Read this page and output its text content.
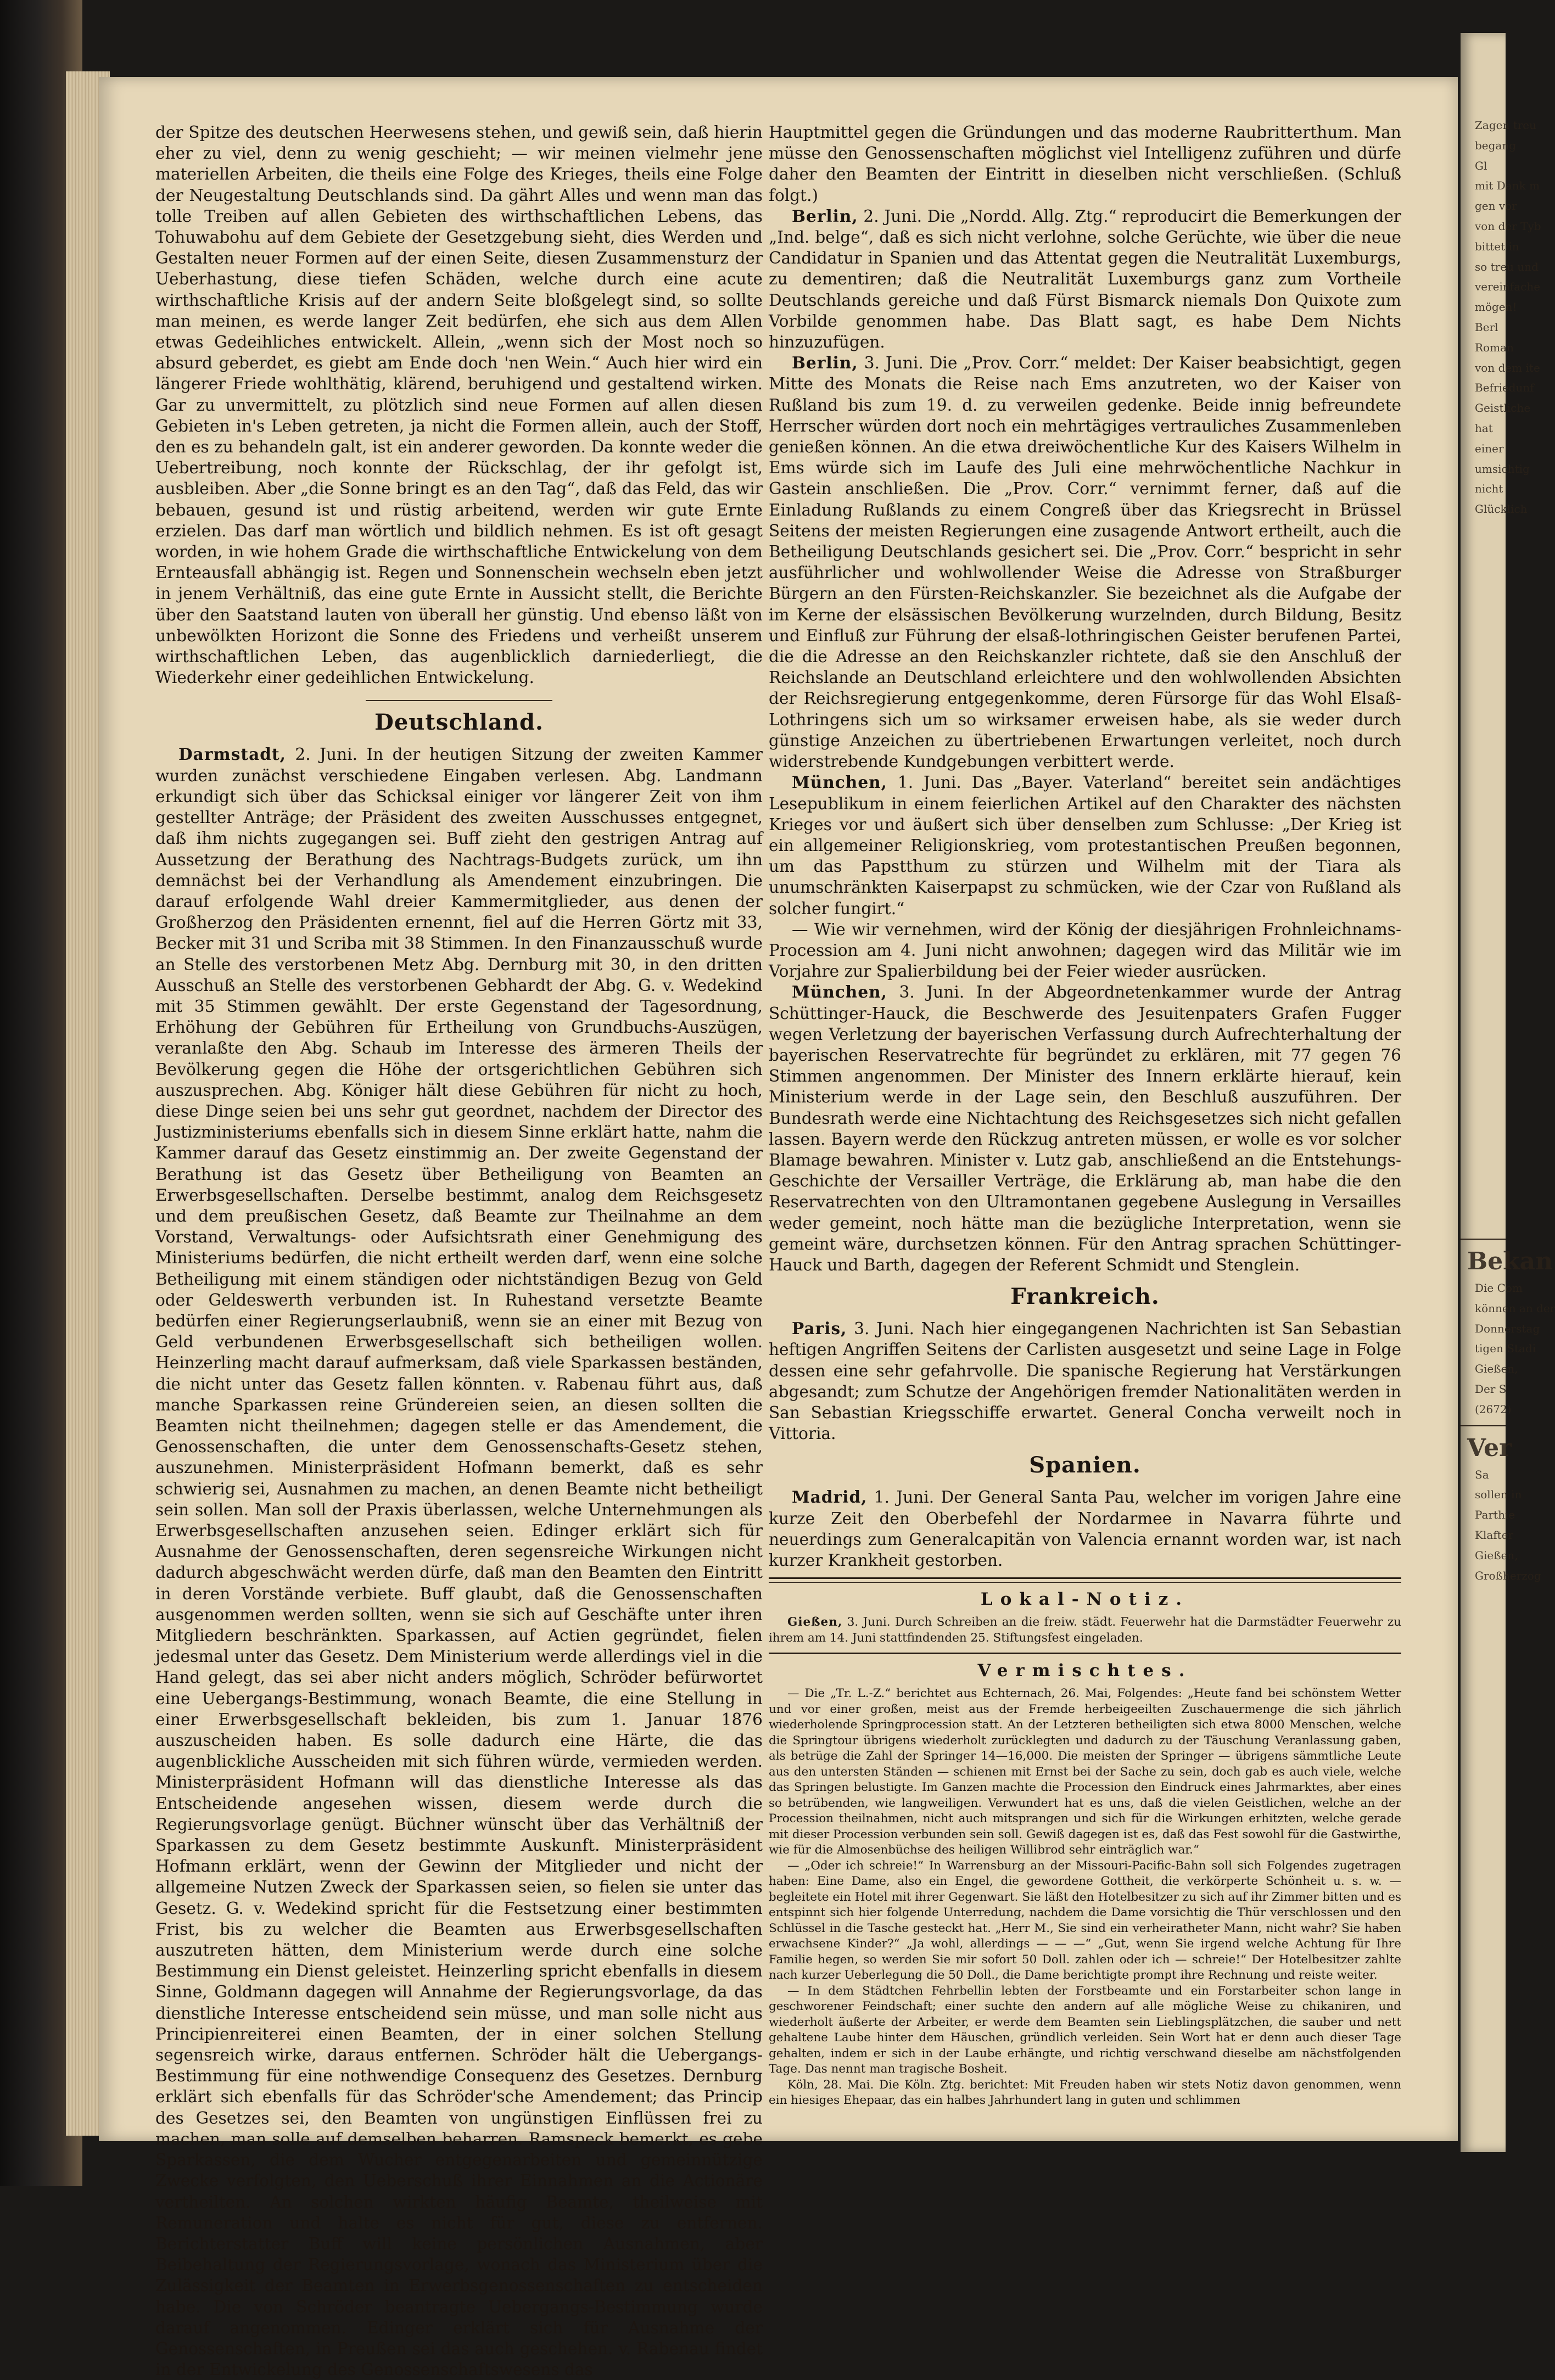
der Spitze des deutschen Heerwesens stehen, und gewiß sein, daß hierin eher zu viel, denn zu wenig geschieht; — wir meinen vielmehr jene materiellen Arbeiten, die theils eine Folge des Krieges, theils eine Folge der Neugestaltung Deutschlands sind. Da gährt Alles und wenn man das tolle Treiben auf allen Gebieten des wirthschaftlichen Lebens, das Tohuwabohu auf dem Gebiete der Gesetzgebung sieht, dies Werden und Gestalten neuer Formen auf der einen Seite, diesen Zusammensturz der Ueberhastung, diese tiefen Schäden, welche durch eine acute wirthschaftliche Krisis auf der andern Seite bloßgelegt sind, so sollte man meinen, es werde langer Zeit bedürfen, ehe sich aus dem Allen etwas Gedeihliches entwickelt. Allein, „wenn sich der Most noch so absurd geberdet, es giebt am Ende doch 'nen Wein.“ Auch hier wird ein längerer Friede wohlthätig, klärend, beruhigend und gestaltend wirken. Gar zu unvermittelt, zu plötzlich sind neue Formen auf allen diesen Gebieten in's Leben getreten, ja nicht die Formen allein, auch der Stoff, den es zu behandeln galt, ist ein anderer geworden. Da konnte weder die Uebertreibung, noch konnte der Rückschlag, der ihr gefolgt ist, ausbleiben. Aber „die Sonne bringt es an den Tag“, daß das Feld, das wir bebauen, gesund ist und rüstig arbeitend, werden wir gute Ernte erzielen. Das darf man wörtlich und bildlich nehmen. Es ist oft gesagt worden, in wie hohem Grade die wirthschaftliche Entwickelung von dem Ernteausfall abhängig ist. Regen und Sonnenschein wechseln eben jetzt in jenem Verhältniß, das eine gute Ernte in Aussicht stellt, die Berichte über den Saatstand lauten von überall her günstig. Und ebenso läßt von unbewölkten Horizont die Sonne des Friedens und verheißt unserem wirthschaftlichen Leben, das augenblicklich darniederliegt, die Wiederkehr einer gedeihlichen Entwickelung.

Deutschland.

Darmstadt, 2. Juni. In der heutigen Sitzung der zweiten Kammer wurden zunächst verschiedene Eingaben verlesen. Abg. Landmann erkundigt sich über das Schicksal einiger vor längerer Zeit von ihm gestellter Anträge; der Präsident des zweiten Ausschusses entgegnet, daß ihm nichts zugegangen sei. Buff zieht den gestrigen Antrag auf Aussetzung der Berathung des Nachtrags-Budgets zurück, um ihn demnächst bei der Verhandlung als Amendement einzubringen. Die darauf erfolgende Wahl dreier Kammermitglieder, aus denen der Großherzog den Präsidenten ernennt, fiel auf die Herren Görtz mit 33, Becker mit 31 und Scriba mit 38 Stimmen. In den Finanzausschuß wurde an Stelle des verstorbenen Metz Abg. Dernburg mit 30, in den dritten Ausschuß an Stelle des verstorbenen Gebhardt der Abg. G. v. Wedekind mit 35 Stimmen gewählt. Der erste Gegenstand der Tagesordnung, Erhöhung der Gebühren für Ertheilung von Grundbuchs-Auszügen, veranlaßte den Abg. Schaub im Interesse des ärmeren Theils der Bevölkerung gegen die Höhe der ortsgerichtlichen Gebühren sich auszusprechen. Abg. Königer hält diese Gebühren für nicht zu hoch, diese Dinge seien bei uns sehr gut geordnet, nachdem der Director des Justizministeriums ebenfalls sich in diesem Sinne erklärt hatte, nahm die Kammer darauf das Gesetz einstimmig an. Der zweite Gegenstand der Berathung ist das Gesetz über Betheiligung von Beamten an Erwerbsgesellschaften. Derselbe bestimmt, analog dem Reichsgesetz und dem preußischen Gesetz, daß Beamte zur Theilnahme an dem Vorstand, Verwaltungs- oder Aufsichtsrath einer Genehmigung des Ministeriums bedürfen, die nicht ertheilt werden darf, wenn eine solche Betheiligung mit einem ständigen oder nichtständigen Bezug von Geld oder Geldeswerth verbunden ist. In Ruhestand versetzte Beamte bedürfen einer Regierungserlaubniß, wenn sie an einer mit Bezug von Geld verbundenen Erwerbsgesellschaft sich betheiligen wollen. Heinzerling macht darauf aufmerksam, daß viele Sparkassen beständen, die nicht unter das Gesetz fallen könnten. v. Rabenau führt aus, daß manche Sparkassen reine Gründereien seien, an diesen sollten die Beamten nicht theilnehmen; dagegen stelle er das Amendement, die Genossenschaften, die unter dem Genossenschafts-Gesetz stehen, auszunehmen. Ministerpräsident Hofmann bemerkt, daß es sehr schwierig sei, Ausnahmen zu machen, an denen Beamte nicht betheiligt sein sollen. Man soll der Praxis überlassen, welche Unternehmungen als Erwerbsgesellschaften anzusehen seien. Edinger erklärt sich für Ausnahme der Genossenschaften, deren segensreiche Wirkungen nicht dadurch abgeschwächt werden dürfe, daß man den Beamten den Eintritt in deren Vorstände verbiete. Buff glaubt, daß die Genossenschaften ausgenommen werden sollten, wenn sie sich auf Geschäfte unter ihren Mitgliedern beschränkten. Sparkassen, auf Actien gegründet, fielen jedesmal unter das Gesetz. Dem Ministerium werde allerdings viel in die Hand gelegt, das sei aber nicht anders möglich, Schröder befürwortet eine Uebergangs-Bestimmung, wonach Beamte, die eine Stellung in einer Erwerbsgesellschaft bekleiden, bis zum 1. Januar 1876 auszuscheiden haben. Es solle dadurch eine Härte, die das augenblickliche Ausscheiden mit sich führen würde, vermieden werden. Ministerpräsident Hofmann will das dienstliche Interesse als das Entscheidende angesehen wissen, diesem werde durch die Regierungsvorlage genügt. Büchner wünscht über das Verhältniß der Sparkassen zu dem Gesetz bestimmte Auskunft. Ministerpräsident Hofmann erklärt, wenn der Gewinn der Mitglieder und nicht der allgemeine Nutzen Zweck der Sparkassen seien, so fielen sie unter das Gesetz. G. v. Wedekind spricht für die Festsetzung einer bestimmten Frist, bis zu welcher die Beamten aus Erwerbsgesellschaften auszutreten hätten, dem Ministerium werde durch eine solche Bestimmung ein Dienst geleistet. Heinzerling spricht ebenfalls in diesem Sinne, Goldmann dagegen will Annahme der Regierungsvorlage, da das dienstliche Interesse entscheidend sein müsse, und man solle nicht aus Principienreiterei einen Beamten, der in einer solchen Stellung segensreich wirke, daraus entfernen. Schröder hält die Uebergangs-Bestimmung für eine nothwendige Consequenz des Gesetzes. Dernburg erklärt sich ebenfalls für das Schröder'sche Amendement; das Princip des Gesetzes sei, den Beamten von ungünstigen Einflüssen frei zu machen, man solle auf demselben beharren. Ramspeck bemerkt, es gebe Sparkassen, die dem Wucher entgegenarbeiten und gemeinnützige Zwecke verfolgten, den Ueberschuß ihrer Einnahmen an die Actionäre vertheilten. An solchen wirkten häufig Beamte, theilweise mit Remuneration und halte es nicht für gut, diese zu entfernen. Berichterstatter Buff will keine persönlichen Ausnahmen, aber Beibehaltung der Regierungsvorlage, wonach das Ministerium über die Zulässigkeit der Beamten in Erwerbsgenossenschaften zu entscheiden habe. Die von Schröder beantragte Uebergangs-Bestimmung wurde darauf angenommen. Edinger erklärt sich für Ausnahme der Genossenschaften, in Preußen sei das auch geschehen. v. Rabenau findet in der Entwickelung des Genossenschaftswesens das

Hauptmittel gegen die Gründungen und das moderne Raubritterthum. Man müsse den Genossenschaften möglichst viel Intelligenz zuführen und dürfe daher den Beamten der Eintritt in dieselben nicht verschließen. (Schluß folgt.)

Berlin, 2. Juni. Die „Nordd. Allg. Ztg.“ reproducirt die Bemerkungen der „Ind. belge“, daß es sich nicht verlohne, solche Gerüchte, wie über die neue Candidatur in Spanien und das Attentat gegen die Neutralität Luxemburgs, zu dementiren; daß die Neutralität Luxemburgs ganz zum Vortheile Deutschlands gereiche und daß Fürst Bismarck niemals Don Quixote zum Vorbilde genommen habe. Das Blatt sagt, es habe Dem Nichts hinzuzufügen.

Berlin, 3. Juni. Die „Prov. Corr.“ meldet: Der Kaiser beabsichtigt, gegen Mitte des Monats die Reise nach Ems anzutreten, wo der Kaiser von Rußland bis zum 19. d. zu verweilen gedenke. Beide innig befreundete Herrscher würden dort noch ein mehrtägiges vertrauliches Zusammenleben genießen können. An die etwa dreiwöchentliche Kur des Kaisers Wilhelm in Ems würde sich im Laufe des Juli eine mehrwöchentliche Nachkur in Gastein anschließen. Die „Prov. Corr.“ vernimmt ferner, daß auf die Einladung Rußlands zu einem Congreß über das Kriegsrecht in Brüssel Seitens der meisten Regierungen eine zusagende Antwort ertheilt, auch die Betheiligung Deutschlands gesichert sei. Die „Prov. Corr.“ bespricht in sehr ausführlicher und wohlwollender Weise die Adresse von Straßburger Bürgern an den Fürsten-Reichskanzler. Sie bezeichnet als die Aufgabe der im Kerne der elsässischen Bevölkerung wurzelnden, durch Bildung, Besitz und Einfluß zur Führung der elsaß-lothringischen Geister berufenen Partei, die die Adresse an den Reichskanzler richtete, daß sie den Anschluß der Reichslande an Deutschland erleichtere und den wohlwollenden Absichten der Reichsregierung entgegenkomme, deren Fürsorge für das Wohl Elsaß-Lothringens sich um so wirksamer erweisen habe, als sie weder durch günstige Anzeichen zu übertriebenen Erwartungen verleitet, noch durch widerstrebende Kundgebungen verbittert werde.

München, 1. Juni. Das „Bayer. Vaterland“ bereitet sein andächtiges Lesepublikum in einem feierlichen Artikel auf den Charakter des nächsten Krieges vor und äußert sich über denselben zum Schlusse: „Der Krieg ist ein allgemeiner Religionskrieg, vom protestantischen Preußen begonnen, um das Papstthum zu stürzen und Wilhelm mit der Tiara als unumschränkten Kaiserpapst zu schmücken, wie der Czar von Rußland als solcher fungirt.“

— Wie wir vernehmen, wird der König der diesjährigen Frohnleichnams-Procession am 4. Juni nicht anwohnen; dagegen wird das Militär wie im Vorjahre zur Spalierbildung bei der Feier wieder ausrücken.

München, 3. Juni. In der Abgeordnetenkammer wurde der Antrag Schüttinger-Hauck, die Beschwerde des Jesuitenpaters Grafen Fugger wegen Verletzung der bayerischen Verfassung durch Aufrechterhaltung der bayerischen Reservatrechte für begründet zu erklären, mit 77 gegen 76 Stimmen angenommen. Der Minister des Innern erklärte hierauf, kein Ministerium werde in der Lage sein, den Beschluß auszuführen. Der Bundesrath werde eine Nichtachtung des Reichsgesetzes sich nicht gefallen lassen. Bayern werde den Rückzug antreten müssen, er wolle es vor solcher Blamage bewahren. Minister v. Lutz gab, anschließend an die Entstehungs-Geschichte der Versailler Verträge, die Erklärung ab, man habe die den Reservatrechten von den Ultramontanen gegebene Auslegung in Versailles weder gemeint, noch hätte man die bezügliche Interpretation, wenn sie gemeint wäre, durchsetzen können. Für den Antrag sprachen Schüttinger-Hauck und Barth, dagegen der Referent Schmidt und Stenglein.

Frankreich.

Paris, 3. Juni. Nach hier eingegangenen Nachrichten ist San Sebastian heftigen Angriffen Seitens der Carlisten ausgesetzt und seine Lage in Folge dessen eine sehr gefahrvolle. Die spanische Regierung hat Verstärkungen abgesandt; zum Schutze der Angehörigen fremder Nationalitäten werden in San Sebastian Kriegsschiffe erwartet. General Concha verweilt noch in Vittoria.

Spanien.

Madrid, 1. Juni. Der General Santa Pau, welcher im vorigen Jahre eine kurze Zeit den Oberbefehl der Nordarmee in Navarra führte und neuerdings zum Generalcapitän von Valencia ernannt worden war, ist nach kurzer Krankheit gestorben.

Lokal-Notiz.

Gießen, 3. Juni. Durch Schreiben an die freiw. städt. Feuerwehr hat die Darmstädter Feuerwehr zu ihrem am 14. Juni stattfindenden 25. Stiftungsfest eingeladen.

Vermischtes.

— Die „Tr. L.-Z.“ berichtet aus Echternach, 26. Mai, Folgendes: „Heute fand bei schönstem Wetter und vor einer großen, meist aus der Fremde herbeigeeilten Zuschauermenge die sich jährlich wiederholende Springprocession statt. An der Letzteren betheiligten sich etwa 8000 Menschen, welche die Springtour übrigens wiederholt zurücklegten und dadurch zu der Täuschung Veranlassung gaben, als betrüge die Zahl der Springer 14—16,000. Die meisten der Springer — übrigens sämmtliche Leute aus den untersten Ständen — schienen mit Ernst bei der Sache zu sein, doch gab es auch viele, welche das Springen belustigte. Im Ganzen machte die Procession den Eindruck eines Jahrmarktes, aber eines so betrübenden, wie langweiligen. Verwundert hat es uns, daß die vielen Geistlichen, welche an der Procession theilnahmen, nicht auch mitsprangen und sich für die Wirkungen erhitzten, welche gerade mit dieser Procession verbunden sein soll. Gewiß dagegen ist es, daß das Fest sowohl für die Gastwirthe, wie für die Almosenbüchse des heiligen Willibrod sehr einträglich war.“

— „Oder ich schreie!“ In Warrensburg an der Missouri-Pacific-Bahn soll sich Folgendes zugetragen haben: Eine Dame, also ein Engel, die gewordene Gottheit, die verkörperte Schönheit u. s. w. — begleitete ein Hotel mit ihrer Gegenwart. Sie läßt den Hotelbesitzer zu sich auf ihr Zimmer bitten und es entspinnt sich hier folgende Unterredung, nachdem die Dame vorsichtig die Thür verschlossen und den Schlüssel in die Tasche gesteckt hat. „Herr M., Sie sind ein verheiratheter Mann, nicht wahr? Sie haben erwachsene Kinder?“ „Ja wohl, allerdings — — —“ „Gut, wenn Sie irgend welche Achtung für Ihre Familie hegen, so werden Sie mir sofort 50 Doll. zahlen oder ich — schreie!“ Der Hotelbesitzer zahlte nach kurzer Ueberlegung die 50 Doll., die Dame berichtigte prompt ihre Rechnung und reiste weiter.

— In dem Städtchen Fehrbellin lebten der Forstbeamte und ein Forstarbeiter schon lange in geschworener Feindschaft; einer suchte den andern auf alle mögliche Weise zu chikaniren, und wiederholt äußerte der Arbeiter, er werde dem Beamten sein Lieblingsplätzchen, die sauber und nett gehaltene Laube hinter dem Häuschen, gründlich verleiden. Sein Wort hat er denn auch dieser Tage gehalten, indem er sich in der Laube erhängte, und richtig verschwand dieselbe am nächstfolgenden Tage. Das nennt man tragische Bosheit.

Köln, 28. Mai. Die Köln. Ztg. berichtet: Mit Freuden haben wir stets Notiz davon genommen, wenn ein hiesiges Ehepaar, das ein halbes Jahrhundert lang in guten und schlimmen

Zagen treu
begang
Gl
mit Dank m
gen vor
von der Tyb
bittet in
so treu und
vereinfache
mögen!
Berl
Roman
von dem ite
Befriedunf
Geistliche
hat
einer
umsichtig
nicht
Glücklich
Bekan
Die Com
können an der
Donnerstag
tigen Stadi
Gießen,
Der S
(2672)
Ver
Sa
sollen in
Parthie
Klafter
Gießen,
Großherzog
